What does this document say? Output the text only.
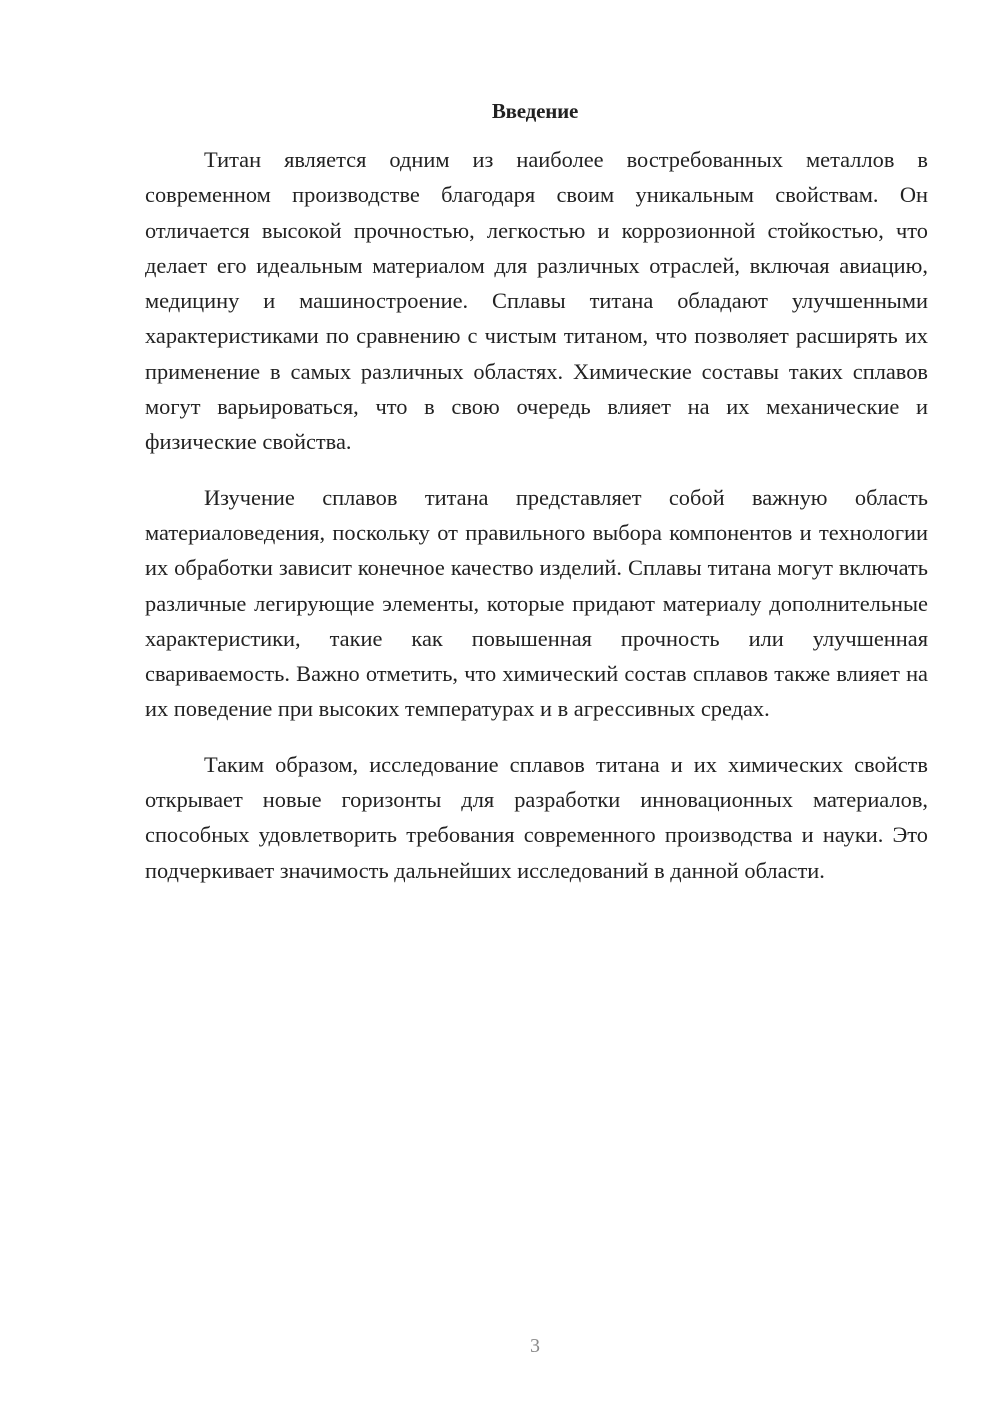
Введение

Титан является одним из наиболее востребованных металлов в современном производстве благодаря своим уникальным свойствам. Он отличается высокой прочностью, легкостью и коррозионной стойкостью, что делает его идеальным материалом для различных отраслей, включая авиацию, медицину и машиностроение. Сплавы титана обладают улучшенными характеристиками по сравнению с чистым титаном, что позволяет расширять их применение в самых различных областях. Химические составы таких сплавов могут варьироваться, что в свою очередь влияет на их механические и физические свойства.

Изучение сплавов титана представляет собой важную область материаловедения, поскольку от правильного выбора компонентов и технологии их обработки зависит конечное качество изделий. Сплавы титана могут включать различные легирующие элементы, которые придают материалу дополнительные характеристики, такие как повышенная прочность или улучшенная свариваемость. Важно отметить, что химический состав сплавов также влияет на их поведение при высоких температурах и в агрессивных средах.

Таким образом, исследование сплавов титана и их химических свойств открывает новые горизонты для разработки инновационных материалов, способных удовлетворить требования современного производства и науки. Это подчеркивает значимость дальнейших исследований в данной области.

3
